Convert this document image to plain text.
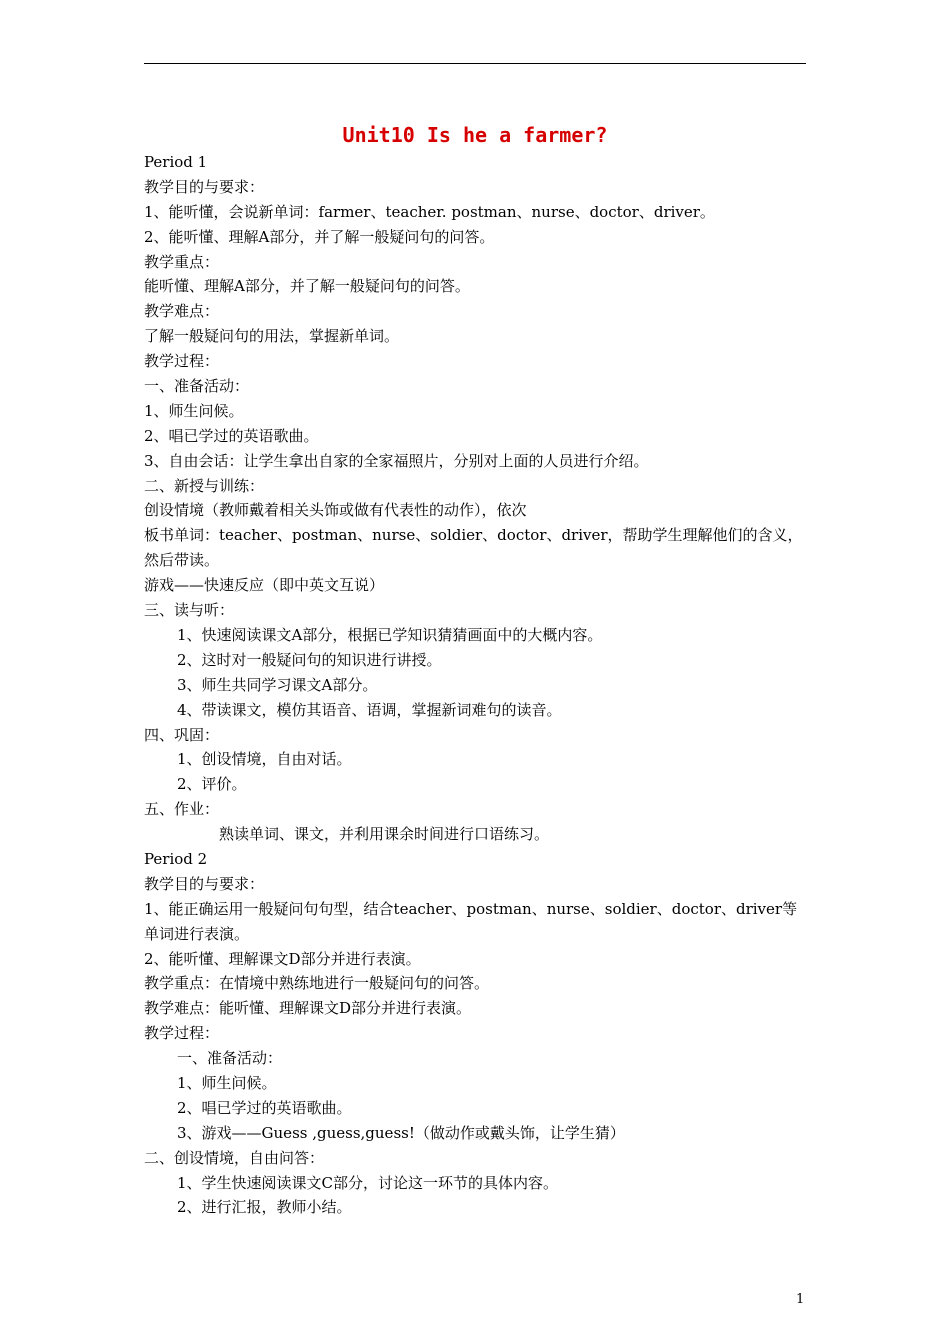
Unit10 Is he a farmer?
Period 1
教学目的与要求：
1、能听懂，会说新单词：farmer、teacher. postman、nurse、doctor、driver。
2、能听懂、理解A部分，并了解一般疑问句的问答。
教学重点：
能听懂、理解A部分，并了解一般疑问句的问答。
教学难点：
了解一般疑问句的用法，掌握新单词。
教学过程：
一、准备活动：
1、师生问候。
2、唱已学过的英语歌曲。
3、自由会话：让学生拿出自家的全家福照片，分别对上面的人员进行介绍。
二、新授与训练：
创设情境（教师戴着相关头饰或做有代表性的动作），依次
板书单词：teacher、postman、nurse、soldier、doctor、driver，帮助学生理解他们的含义，然后带读。
游戏——快速反应（即中英文互说）
三、读与听：
1、快速阅读课文A部分，根据已学知识猜猜画面中的大概内容。
2、这时对一般疑问句的知识进行讲授。
3、师生共同学习课文A部分。
4、带读课文，模仿其语音、语调，掌握新词难句的读音。
四、巩固：
1、创设情境，自由对话。
2、评价。
五、作业：
熟读单词、课文，并利用课余时间进行口语练习。
Period 2
教学目的与要求：
1、能正确运用一般疑问句句型，结合teacher、postman、nurse、soldier、doctor、driver等单词进行表演。
2、能听懂、理解课文D部分并进行表演。
教学重点：在情境中熟练地进行一般疑问句的问答。
教学难点：能听懂、理解课文D部分并进行表演。
教学过程：
一、准备活动：
1、师生问候。
2、唱已学过的英语歌曲。
3、游戏——Guess ,guess,guess!（做动作或戴头饰，让学生猜）
二、创设情境，自由问答：
1、学生快速阅读课文C部分，讨论这一环节的具体内容。
2、进行汇报，教师小结。
1
